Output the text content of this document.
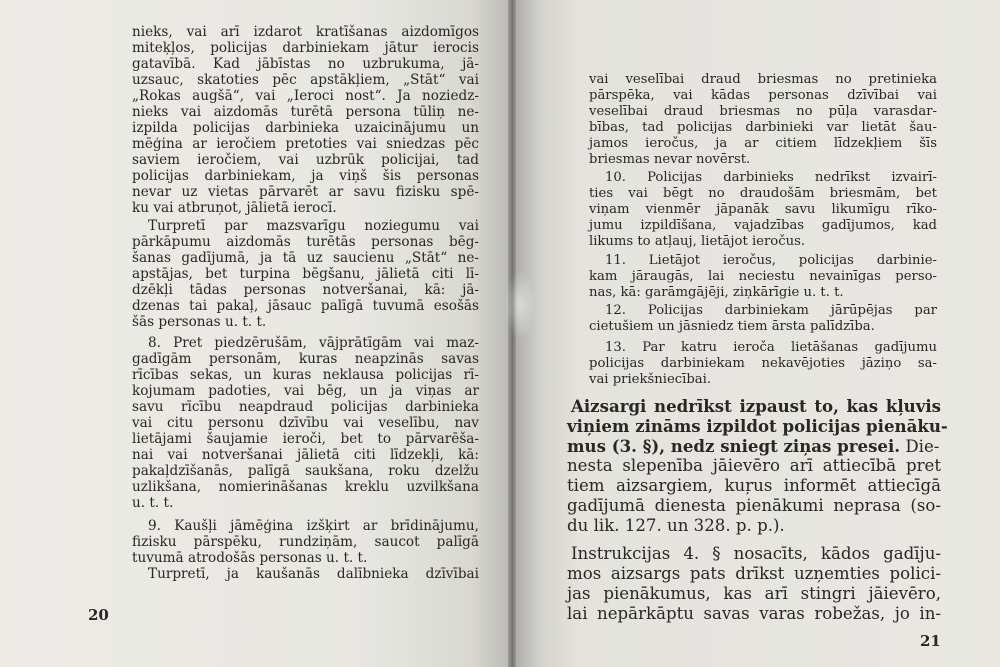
nieks, vai arī izdarot kratīšanas aizdomīgos
miteķļos, policijas darbiniekam jātur ierocis
gatavībā. Kad jābīstas no uzbrukuma, jā-
uzsauc, skatoties pēc apstākļiem, „Stāt“ vai
„Rokas augšā“, vai „Ieroci nost“. Ja noziedz-
nieks vai aizdomās turētā persona tūliņ ne-
izpilda policijas darbinieka uzaicinājumu un
mēģina ar ieročiem pretoties vai sniedzas pēc
saviem ieročiem, vai uzbrūk policijai, tad
policijas darbiniekam, ja viņš šis personas
nevar uz vietas pārvarēt ar savu fizisku spē-
ku vai atbruņot, jālietā ierocī.
Turpretī par mazsvarīgu noziegumu vai
pārkāpumu aizdomās turētās personas bēg-
šanas gadījumā, ja tā uz saucienu „Stāt“ ne-
apstājas, bet turpina bēgšanu, jālietā citi lī-
dzēkļi tādas personas notveršanai, kā: jā-
dzenas tai pakaļ, jāsauc palīgā tuvumā esošās
šās personas u. t. t.
8. Pret piedzērušām, vājprātīgām vai maz-
gadīgām personām, kuras neapzinās savas
rīcības sekas, un kuras neklausa policijas rī-
kojumam padoties, vai bēg, un ja viņas ar
savu rīcību neapdraud policijas darbinieka
vai citu personu dzīvību vai veselību, nav
lietājami šaujamie ieroči, bet to pārvarēša-
nai vai notveršanai jālietā citi līdzekļi, kā:
pakaļdzīšanās, palīgā saukšana, roku dzelžu
uzlikšana, nomierināšanas kreklu uzvilkšana
u. t. t.
9. Kaušļi jāmēģina izšķirt ar brīdinājumu,
fizisku pārspēku, rundziņām, saucot palīgā
tuvumā atrodošās personas u. t. t.
Turpretī, ja kaušanās dalībnieka dzīvībai
20
vai veselībai draud briesmas no pretinieka
pārspēka, vai kādas personas dzīvībai vai
veselībai draud briesmas no pūļa varasdar-
bības, tad policijas darbinieki var lietāt šau-
jamos ieročus, ja ar citiem līdzekļiem šīs
briesmas nevar novērst.
10. Policijas darbinieks nedrīkst izvairī-
ties vai bēgt no draudošām briesmām, bet
viņam vienmēr jāpanāk savu likumīgu rīko-
jumu izpildīšana, vajadzības gadījumos, kad
likums to atļauj, lietājot ieročus.
11. Lietājot ieročus, policijas darbinie-
kam jāraugās, lai neciestu nevainīgas perso-
nas, kā: garāmgājēji, ziņkārīgie u. t. t.
12. Policijas darbiniekam jārūpējas par
cietušiem un jāsniedz tiem ārsta palīdzība.
13. Par katru ieroča lietāšanas gadījumu
policijas darbiniekam nekavējoties jāziņo sa-
vai priekšniecībai.
Aizsargi nedrīkst izpaust to, kas kļuvis
viņiem zināms izpildot policijas pienāku-
mus (3. §), nedz sniegt ziņas presei. Die-
nesta slepenība jāievēro arī attiecībā pret
tiem aizsargiem, kuŗus informēt attiecīgā
gadījumā dienesta pienākumi neprasa (so-
du lik. 127. un 328. p. p.).
Instrukcijas 4. § nosacīts, kādos gadīju-
mos aizsargs pats drīkst uzņemties polici-
jas pienākumus, kas arī stingri jāievēro,
lai nepārkāptu savas varas robežas, jo in-
21
